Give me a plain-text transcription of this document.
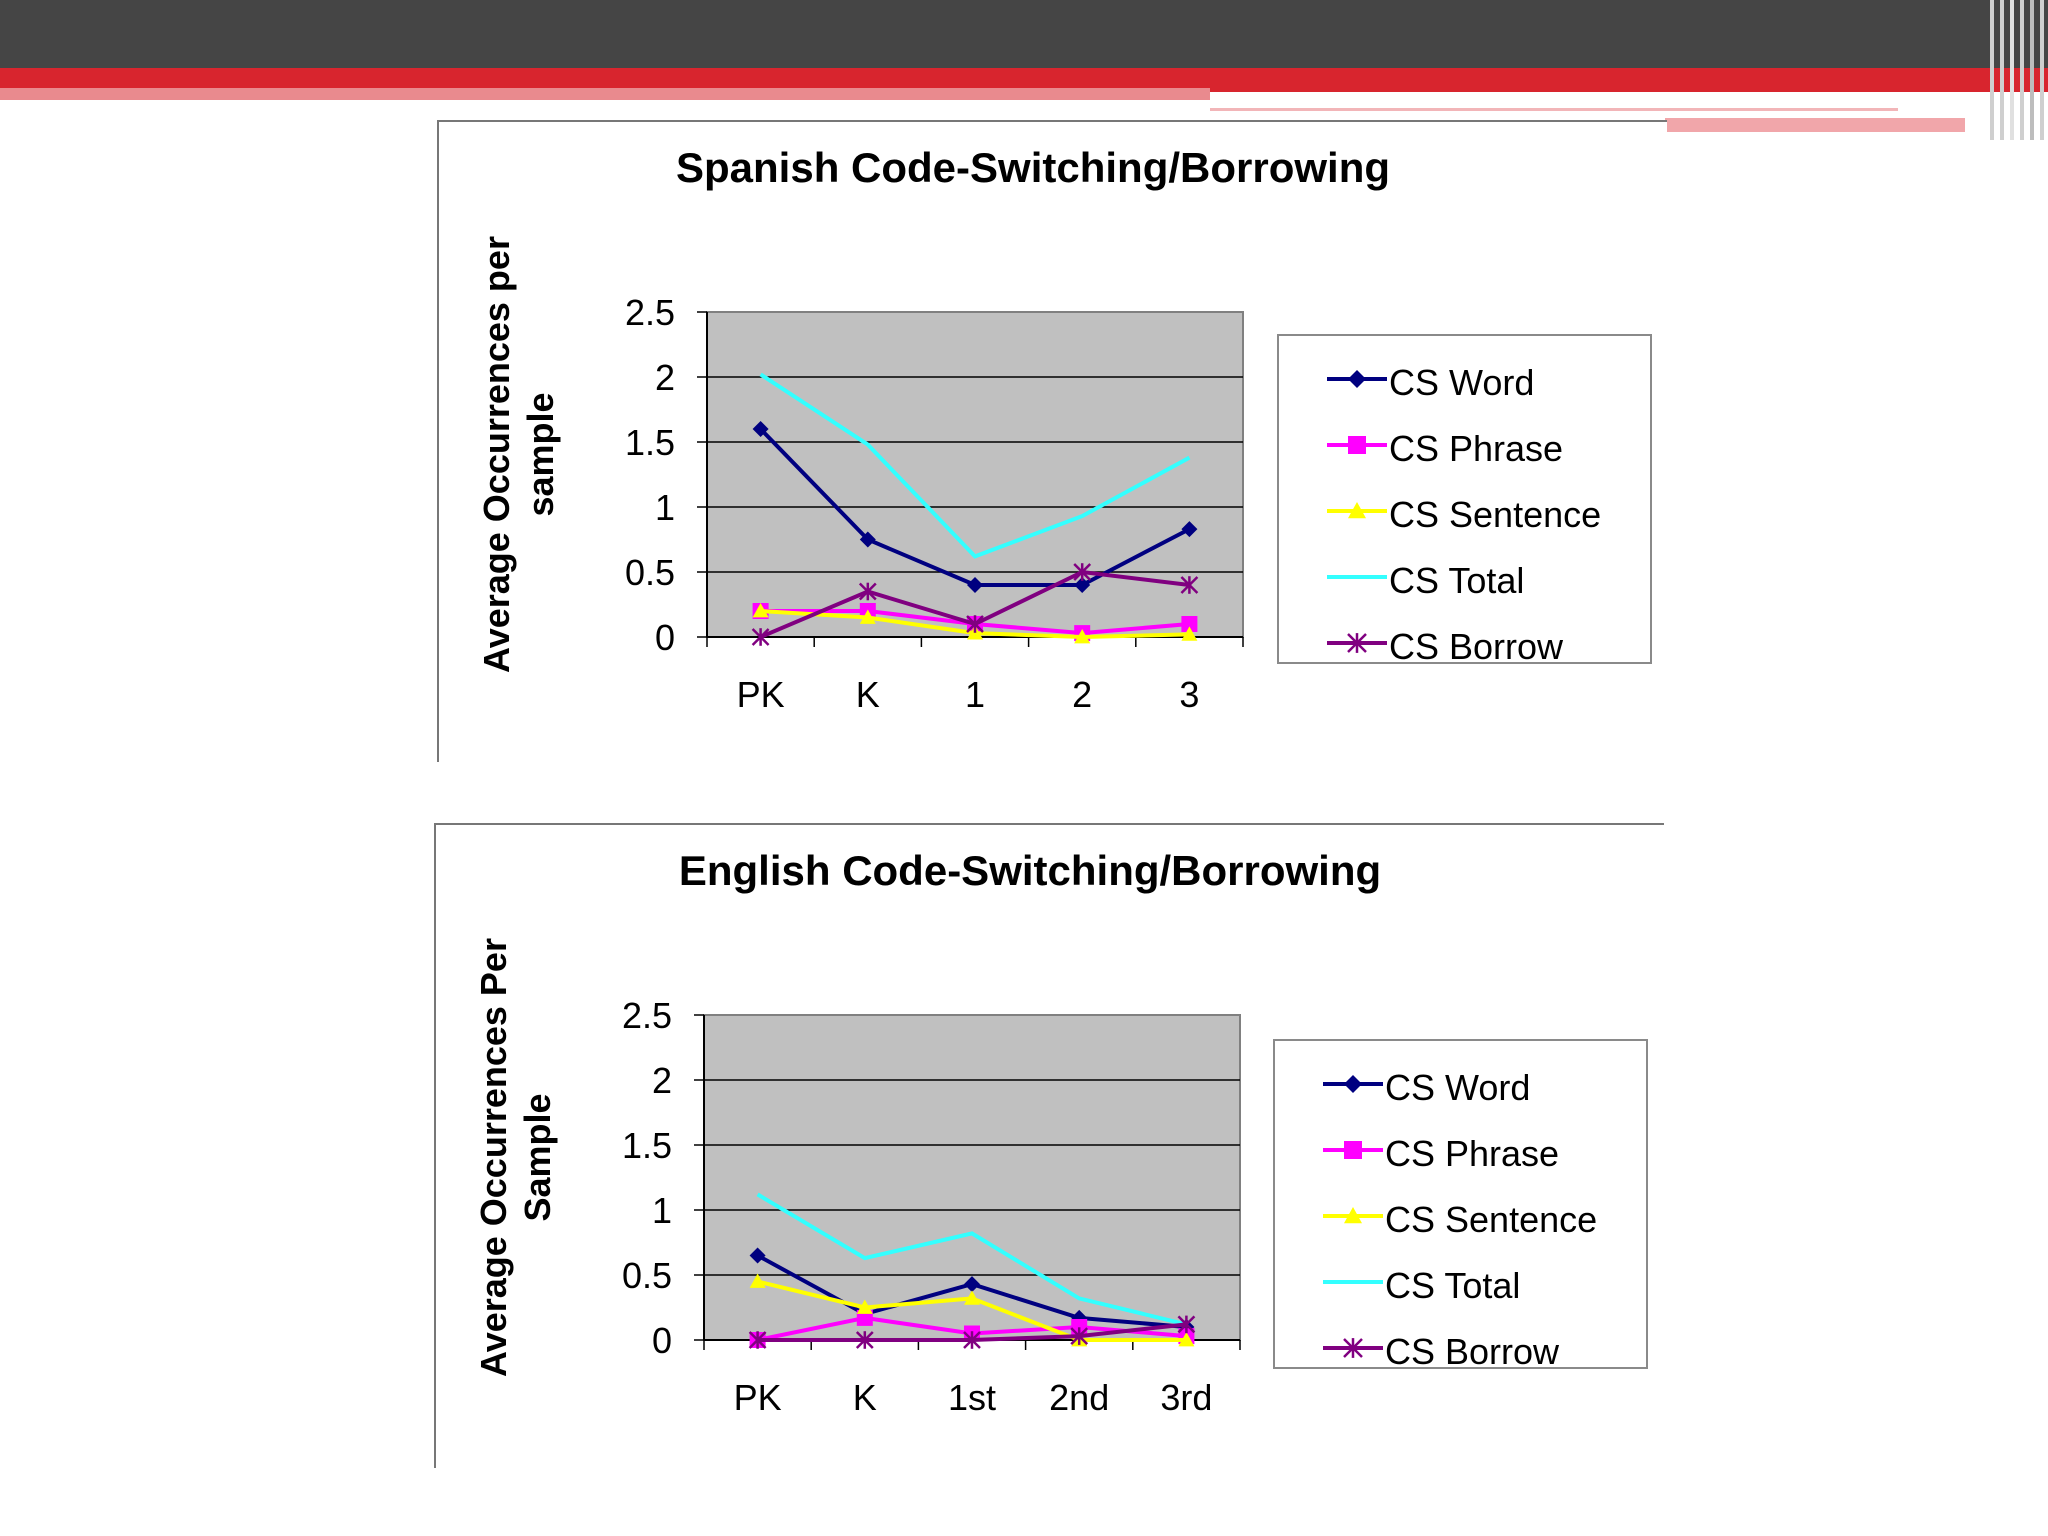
Spanish Code-Switching/Borrowing
Average Occurrences persample
0
0.5
1
1.5
2
2.5
PK K 1 2 3
CS Word
CS Phrase
CS Sentence
CS Total
CS Borrow
English Code-Switching/Borrowing
Average Occurrences PerSample
0
0.5
1
1.5
2
2.5
PK K 1st 2nd 3rd
CS Word
CS Phrase
CS Sentence
CS Total
CS Borrow
